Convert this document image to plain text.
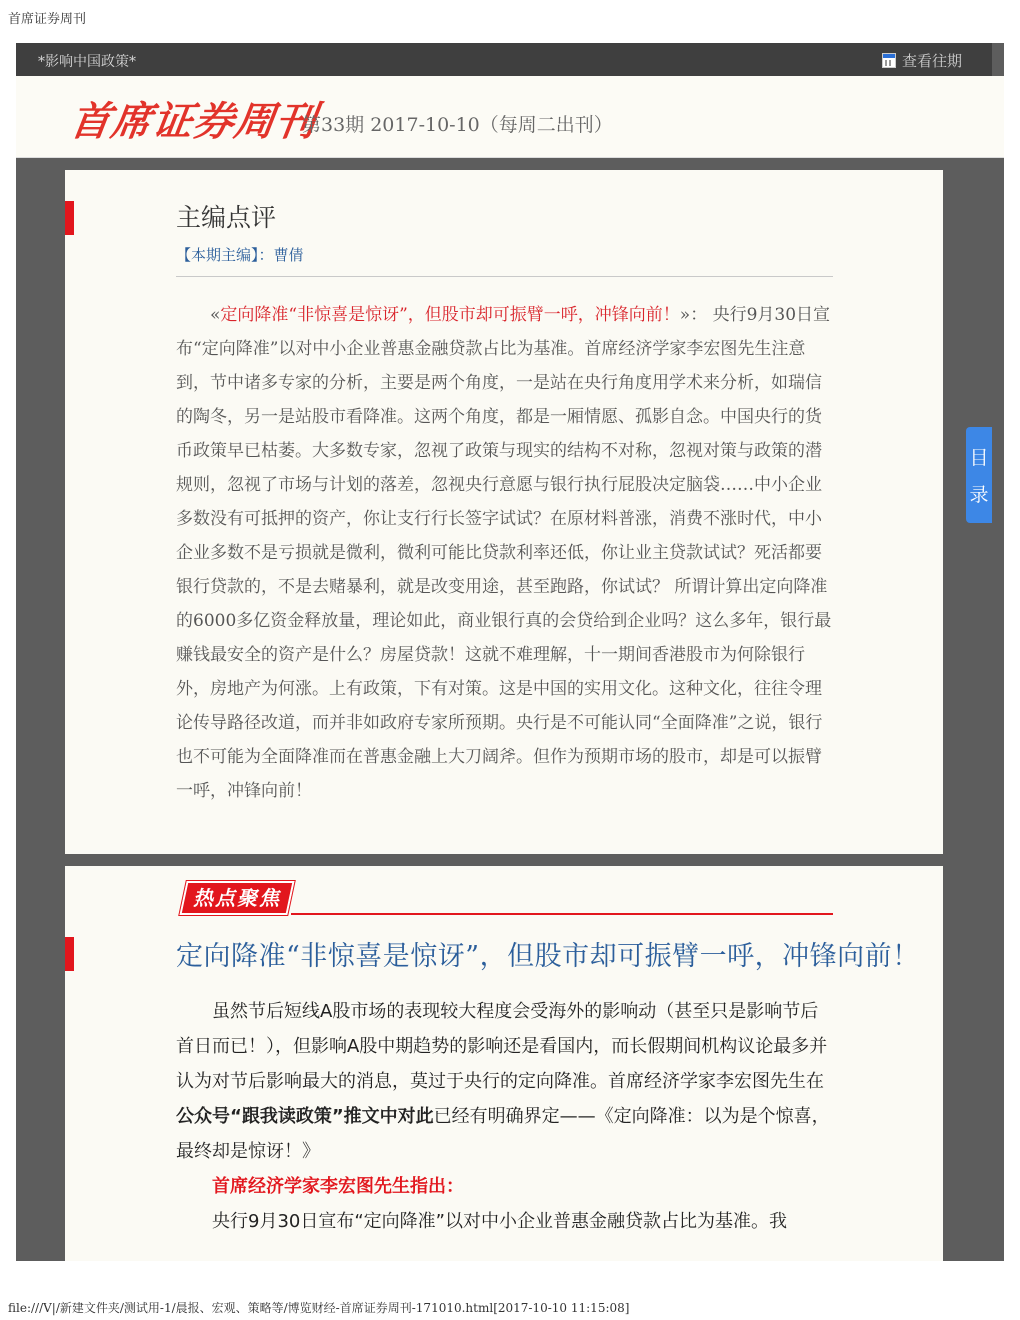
首席证券周刊
*影响中国政策*	查看往期
首席证券周刊
第33期 2017-10-10（每周二出刊）
目
录
主编点评
【本期主编】：曹倩
«定向降准“非惊喜是惊讶”，但股市却可振臂一呼，冲锋向前！»： 央行9月30日宣布“定向降准”以对中小企业普惠金融贷款占比为基准。首席经济学家李宏图先生注意到，节中诸多专家的分析，主要是两个角度，一是站在央行角度用学术来分析，如瑞信的陶冬，另一是站股市看降准。这两个角度，都是一厢情愿、孤影自念。中国央行的货币政策早已枯萎。大多数专家，忽视了政策与现实的结构不对称，忽视对策与政策的潜规则，忽视了市场与计划的落差，忽视央行意愿与银行执行屁股决定脑袋……中小企业多数没有可抵押的资产，你让支行行长签字试试？在原材料普涨，消费不涨时代，中小企业多数不是亏损就是微利，微利可能比贷款利率还低，你让业主贷款试试？死活都要银行贷款的，不是去赌暴利，就是改变用途，甚至跑路，你试试？ 所谓计算出定向降准的6000多亿资金释放量，理论如此，商业银行真的会贷给到企业吗？这么多年，银行最赚钱最安全的资产是什么？房屋贷款！这就不难理解，十一期间香港股市为何除银行外，房地产为何涨。上有政策，下有对策。这是中国的实用文化。这种文化，往往令理论传导路径改道，而并非如政府专家所预期。央行是不可能认同“全面降准”之说，银行也不可能为全面降准而在普惠金融上大刀阔斧。但作为预期市场的股市，却是可以振臂一呼，冲锋向前！
热点聚焦
定向降准“非惊喜是惊讶”，但股市却可振臂一呼，冲锋向前！
虽然节后短线A股市场的表现较大程度会受海外的影响动（甚至只是影响节后首日而已！），但影响A股中期趋势的影响还是看国内，而长假期间机构议论最多并认为对节后影响最大的消息，莫过于央行的定向降准。首席经济学家李宏图先生在公众号“跟我读政策”推文中对此已经有明确界定——《定向降准：以为是个惊喜，最终却是惊讶！》
首席经济学家李宏图先生指出：
央行9月30日宣布“定向降准”以对中小企业普惠金融贷款占比为基准。我
file:///V|/新建文件夹/测试用-1/晨报、宏观、策略等/博览财经-首席证券周刊-171010.html[2017-10-10 11:15:08]
